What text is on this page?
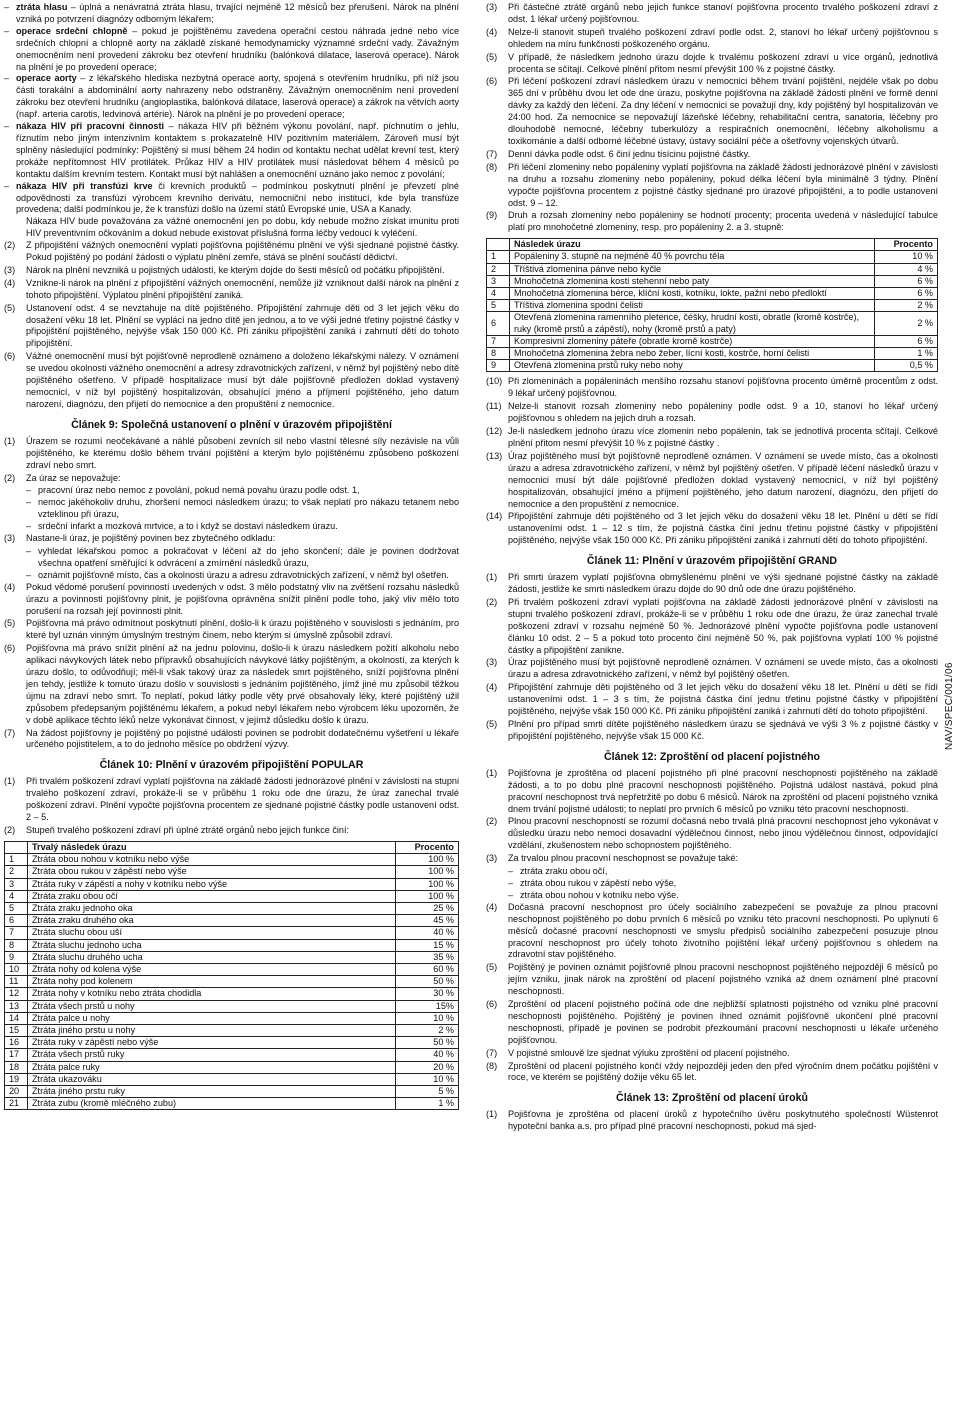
– ztráta hlasu – úplná a nenávratná ztráta hlasu, trvající nejméně 12 měsíců bez přerušení. Nárok na plnění vzniká po potvrzení diagnózy odborným lékařem;
– operace srdeční chlopně – pokud je pojištěnému zavedena operační cestou náhrada jedné nebo více srdečních chlopní a chlopně aorty na základě získané hemodynamicky významné srdeční vady. Závažným onemocněním není provedení zákroku bez otevření hrudníku (balónková dilatace, laserová operace). Nárok na plnění je po provedení operace;
– operace aorty – z lékařského hlediska nezbytná operace aorty, spojená s otevřením hrudníku, při níž jsou části torakální a abdominální aorty nahrazeny nebo odstraněny. Závažným onemocněním není provedení zákroku bez otevření hrudníku (angioplastika, balónková dilatace, laserová operace) a zákrok na větvích aorty (např. arteria carotis, ledvinová artérie). Nárok na plnění je po provedení operace;
– nákaza HIV při pracovní činnosti – nákaza HIV při běžném výkonu povolání, např. píchnutím o jehlu, říznutím nebo jiným intenzivním kontaktem s prokazatelně HIV pozitivním materiálem. Zároveň musí být splněny následující podmínky: Pojištěný si musí během 24 hodin od kontaktu nechat udělat krevní test, který prokáže nepřítomnost HIV protilátek. Průkaz HIV a HIV protilátek musí následovat během 4 měsíců po kontaktu dalším krevním testem. Kontakt musí být nahlášen a onemocnění uznáno jako nemoc z povolání;
– nákaza HIV při transfúzi krve či krevních produktů – podmínkou poskytnutí plnění je převzetí plné odpovědnosti za transfúzi výrobcem krevního derivátu, nemocniční nebo institucí, kde byla transfúze provedena; další podmínkou je, že k transfúzi došlo na území států Evropské unie, USA a Kanady.

Nákaza HIV bude považována za vážné onemocnění jen po dobu, kdy nebude možno získat imunitu proti HIV preventivním očkováním a dokud nebude existovat příslušná forma léčby vedoucí k vyléčení.

(2)	Z připojištění vážných onemocnění vyplatí pojišťovna pojištěnému plnění ve výši sjednané pojistné částky. Pokud pojištěný po podání žádosti o výplatu plnění zemře, stává se plnění součástí dědictví.
(3)	Nárok na plnění nevzniká u pojistných událostí, ke kterým dojde do šesti měsíců od počátku připojištění.
(4)	Vznikne-li nárok na plnění z připojištění vážných onemocnění, nemůže již vzniknout další nárok na plnění z tohoto připojištění. Výplatou plnění připojištění zaniká.
(5)	Ustanovení odst. 4 se nevztahuje na dítě pojištěného. Připojištění zahrnuje děti od 3 let jejich věku do dosažení věku 18 let. Plnění se vyplácí na jedno dítě jen jednou, a to ve výši jedné třetiny pojistné částky v připojištění pojištěného, nejvýše však 150 000 Kč. Při zániku připojištění zaniká i zahrnutí dětí do tohoto připojištění.
(6)	Vážné onemocnění musí být pojišťovně neprodleně oznámeno a doloženo lékařskými nálezy. V oznámení se uvedou okolnosti vážného onemocnění a adresy zdravotnických zařízení, v němž byl pojištěný nebo dítě pojištěného ošetřeno. V případě hospitalizace musí být dále pojišťovně předložen doklad vystavený nemocnicí, v níž byl pojištěný hospitalizován, obsahující jméno a příjmení pojištěného, jeho datum narození, diagnózu, den přijetí do nemocnice a den propuštění z nemocnice.
Článek 9: Společná ustanovení o plnění v úrazovém připojištění
(1)	Úrazem se rozumí neočekávané a náhlé působení zevních sil nebo vlastní tělesné síly nezávisle na vůli pojištěného, ke kterému došlo během trvání pojištění a kterým bylo pojištěnému způsobeno poškození zdraví nebo smrt.
(2)	Za úraz se nepovažuje:
– pracovní úraz nebo nemoc z povolání, pokud nemá povahu úrazu podle odst. 1,
– nemoc jakéhokoliv druhu, zhoršení nemoci následkem úrazu; to však neplatí pro nákazu tetanem nebo vzteklinou při úrazu,
– srdeční infarkt a mozková mrtvice, a to i když se dostaví následkem úrazu.
(3)	Nastane-li úraz, je pojištěný povinen bez zbytečného odkladu:
– vyhledat lékařskou pomoc a pokračovat v léčení až do jeho skončení; dále je povinen dodržovat všechna opatření směřující k odvrácení a zmírnění následků úrazu,
– oznámit pojišťovně místo, čas a okolnosti úrazu a adresu zdravotnických zařízení, v němž byl ošetřen.
(4)	Pokud vědomé porušení povinností uvedených v odst. 3 mělo podstatný vliv na zvětšení rozsahu následků úrazu a povinnosti pojišťovny plnit, je pojišťovna oprávněna snížit plnění podle toho, jaký vliv mělo toto porušení na rozsah její povinnosti plnit.
(5)	Pojišťovna má právo odmítnout poskytnutí plnění, došlo-li k úrazu pojištěného v souvislosti s jednáním, pro které byl uznán vinným úmyslným trestným činem, nebo kterým si úmyslně způsobil zdraví.
(6)	Pojišťovna má právo snížit plnění až na jednu polovinu, došlo-li k úrazu následkem požití alkoholu nebo aplikaci návykových látek nebo přípravků obsahujících návykové látky pojištěným, a okolností, za kterých k úrazu došlo, to odůvodňují; měl-li však takový úraz za následek smrt pojištěného, sníží pojišťovna plnění jen tehdy, jestliže k tomuto úrazu došlo v souvislosti s jednáním pojištěného, jímž jiné mu způsobil těžkou újmu na zdraví nebo smrt. To neplatí, pokud látky podle věty prvé obsahovaly léky, které pojištěný užil způsobem předepsaným pojištěnému lékařem, a pokud nebyl lékařem nebo výrobcem léku upozorněn, že v době aplikace těchto léků nelze vykonávat činnost, v jejímž důsledku došlo k úrazu.
(7)	Na žádost pojišťovny je pojištěný po pojistné události povinen se podrobit dodatečnému vyšetření u lékaře určeného pojistitelem, a to do jednoho měsíce po obdržení výzvy.
Článek 10: Plnění v úrazovém připojištění POPULAR
(1)	Při trvalém poškození zdraví vyplatí pojišťovna na základě žádosti jednorázové plnění v závislosti na stupni trvalého poškození zdraví, prokáže-li se v průběhu 1 roku ode dne úrazu, že úraz zanechal trvalé poškození zdraví. Plnění vypočte pojišťovna procentem ze sjednané pojistné částky podle ustanovení odst. 2 – 5.
(2)	Stupeň trvalého poškození zdraví při úplné ztrátě orgánů nebo jejich funkce činí:
	Trvalý následek úrazu	Procento
1	Ztráta obou nohou v kotníku nebo výše	100 %
2	Ztráta obou rukou v zápěstí nebo výše	100 %
3	Ztráta ruky v zápěstí a nohy v kotníku nebo výše	100 %
4	Ztráta zraku obou očí	100 %
5	Ztráta zraku jednoho oka	25 %
6	Ztráta zraku druhého oka	45 %
7	Ztráta sluchu obou uší	40 %
8	Ztráta sluchu jednoho ucha	15 %
9	Ztráta sluchu druhého ucha	35 %
10	Ztráta nohy od kolena výše	60 %
11	Ztráta nohy pod kolenem	50 %
12	Ztráta nohy v kotníku nebo ztráta chodidla	30 %
13	Ztráta všech prstů u nohy	15%
14	Ztráta palce u nohy	10 %
15	Ztráta jiného prstu u nohy	2 %
16	Ztráta ruky v zápěstí nebo výše	50 %
17	Ztráta všech prstů ruky	40 %
18	Ztráta palce ruky	20 %
19	Ztráta ukazováku	10 %
20	Ztráta jiného prstu ruky	5 %
21	Ztráta zubu (kromě mléčného zubu)	1 %
(3)	Při částečné ztrátě orgánů nebo jejich funkce stanoví pojišťovna procento trvalého poškození zdraví z odst. 1 lékař určený pojišťovnou.
(4)	Nelze-li stanovit stupeň trvalého poškození zdraví podle odst. 2, stanoví ho lékař určený pojišťovnou s ohledem na míru funkčnosti poškozeného orgánu.
(5)	V případě, že následkem jednoho úrazu dojde k trvalému poškození zdraví u více orgánů, jednotlivá procenta se sčítají. Celkové plnění přitom nesmí převýšit 100 % z pojistné částky.
(6)	Při léčení poškození zdraví následkem úrazu v nemocnici během trvání pojištění, nejdéle však po dobu 365 dní v průběhu dvou let ode dne úrazu, poskytne pojišťovna na základě žádosti plnění ve formě denní dávky za každý den léčení. Za dny léčení v nemocnici se považují dny, kdy pojištěný byl hospitalizován ve 24:00 hod. Za nemocnice se nepovažují lázeňské léčebny, rehabilitační centra, sanatoria, léčebny pro dlouhodobě nemocné, léčebny tuberkulózy a respiračních onemocnění, léčebny alkoholismu a toxikománie a další odborné léčebné ústavy, ústavy sociální péče a ošetřovny vojenských útvarů.
(7)	Denní dávka podle odst. 6 činí jednu tisícinu pojistné částky.
(8)	Při léčení zlomeniny nebo popáleniny vyplatí pojišťovna na základě žádosti jednorázové plnění v závislosti na druhu a rozsahu zlomeniny nebo popáleniny, pokud délka léčení byla minimálně 3 týdny. Plnění vypočte pojišťovna procentem z pojistné částky sjednané pro úrazové připojištění, a to podle ustanovení odst. 9 – 12.
(9)	Druh a rozsah zlomeniny nebo popáleniny se hodnotí procenty; procenta uvedená v následující tabulce platí pro mnohočetné zlomeniny, resp. pro popáleniny 2. a 3. stupně:
	Následek úrazu	Procento
1	Popáleniny 3. stupně na nejméně 40 % povrchu těla	10 %
2	Tříštivá zlomenina pánve nebo kyčle	4 %
3	Mnohočetná zlomenina kosti stehenní nebo paty	6 %
4	Mnohočetná zlomenina bérce, klíční kosti, kotníku, lokte, pažní nebo předloktí	6 %
5	Tříštivá zlomenina spodní čelisti	2 %
6	Otevřená zlomenina ramenního pletence, čéšky, hrudní kosti, obratle (kromě kostrče), ruky (kromě prstů a zápěstí), nohy (kromě prstů a paty)	2 %
7	Kompresivní zlomeniny páteře (obratle kromě kostrče)	6 %
8	Mnohočetná zlomenina žebra nebo žeber, lícní kosti, kostrče, horní čelisti	1 %
9	Otevřená zlomenina prstů ruky nebo nohy	0,5 %
(10) Při zlomeninách a popáleninách menšího rozsahu stanoví pojišťovna procento úměrně procentům z odst. 9 lékař určený pojišťovnou.
(11) Nelze-li stanovit rozsah zlomeniny nebo popáleniny podle odst. 9 a 10, stanoví ho lékař určený pojišťovnou s ohledem na jejich druh a rozsah.
(12) Je-li následkem jednoho úrazu více zlomenin nebo popálenin, tak se jednotlivá procenta sčítají. Celkové plnění přitom nesmí převýšit 10 % z pojistné částky .
(13) Úraz pojištěného musí být pojišťovně neprodleně oznámen. V oznámení se uvede místo, čas a okolnosti úrazu a adresa zdravotnického zařízení, v němž byl pojištěný ošetřen. V případě léčení následků úrazu v nemocnici musí být dále pojišťovně předložen doklad vystavený nemocnicí, v níž byl pojištěný hospitalizován, obsahující jméno a příjmení pojištěného, jeho datum narození, diagnózu, den přijetí do nemocnice a den propuštění z nemocnice.
(14) Připojištění zahrnuje děti pojištěného od 3 let jejich věku do dosažení věku 18 let. Plnění u dětí se řídí ustanoveními odst. 1 – 12 s tím, že pojistná částka činí jednu třetinu pojistné částky v připojištění pojištěného, nejvýše však 150 000 Kč. Při zániku připojištění zaniká i zahrnutí dětí do tohoto připojištění.
Článek 11: Plnění v úrazovém připojištění GRAND
(1)	Při smrti úrazem vyplatí pojišťovna obmyšlenému plnění ve výši sjednané pojistné částky na základě žádosti, jestliže ke smrti následkem úrazu dojde do 90 dnů ode dne úrazu pojištěného.
(2)	Při trvalém poškození zdraví vyplatí pojišťovna na základě žádosti jednorázové plnění v závislosti na stupni trvalého poškození zdraví, prokáže-li se v průběhu 1 roku ode dne úrazu, že úraz zanechal trvalé poškození zdraví v rozsahu nejméně 50 %. Jednorázové plnění vypočte pojišťovna podle ustanovení článku 10 odst. 2 – 5 a pokud toto procento činí nejméně 50 %, pak pojišťovna vyplatí 100 % pojistné částky a připojištění zanikne.
(3)	Úraz pojištěného musí být pojišťovně neprodleně oznámen. V oznámení se uvede místo, čas a okolnosti úrazu a adresa zdravotnického zařízení, v němž byl pojištěný ošetřen.
(4)	Připojištění zahrnuje děti pojištěného od 3 let jejich věku do dosažení věku 18 let. Plnění u dětí se řídí ustanoveními odst. 1 – 3 s tím, že pojistná částka činí jednu třetinu pojistné částky v připojištění pojištěného, nejvýše však 150 000 Kč. Při zániku připojištění zaniká i zahrnutí dětí do tohoto připojištění.
(5)	Plnění pro případ smrti dítěte pojištěného následkem úrazu se sjednává ve výši 3 % z pojistné částky v připojištění pojištěného, nejvýše však 15 000 Kč.
Článek 12: Zproštění od placení pojistného
(1)	Pojišťovna je zproštěna od placení pojistného při plné pracovní neschopnosti pojištěného na základě žádosti, a to po dobu plné pracovní neschopnosti pojištěného. Pojistná událost nastává, pokud plná pracovní neschopnost trvá nepřetržitě po dobu 6 měsíců. Nárok na zproštění od placení pojistného vzniká dnem trvání pojistné události; to neplatí pro prvních 6 měsíců po vzniku této pracovní neschopnosti.
(2)	Plnou pracovní neschopností se rozumí dočasná nebo trvalá plná pracovní neschopnost jeho vykonávat v důsledku úrazu nebo nemoci dosavadní výdělečnou činnost, nebo jinou výdělečnou činnost, odpovídající vzdělání, zkušenostem nebo schopnostem pojištěného.
(3)	Za trvalou plnou pracovní neschopnost se považuje také:
– ztráta zraku obou očí,
– ztráta obou rukou v zápěstí nebo výše,
– ztráta obou nohou v kotníku nebo výše.
(4)	Dočasná pracovní neschopnost pro účely sociálního zabezpečení se považuje za plnou pracovní neschopnost pojištěného po dobu prvních 6 měsíců po vzniku této pracovní neschopnosti. Po uplynutí 6 měsíců dočasné pracovní neschopnosti ve smyslu předpisů sociálního zabezpečení posuzuje plnou pracovní neschopnost pro účely tohoto životního pojištění lékař určený pojišťovnou s ohledem na zdravotní stav pojištěného.
(5)	Pojištěný je povinen oznámit pojišťovně plnou pracovní neschopnost pojištěného nejpozději 6 měsíců po jejím vzniku, jinak nárok na zproštění od placení pojistného vzniká až dnem oznámení plné pracovní neschopnosti.
(6)	Zproštění od placení pojistného počíná ode dne nejbližší splatnosti pojistného od vzniku plné pracovní neschopnosti pojištěného. Pojištěný je povinen ihned oznámit pojišťovně ukončení plné pracovní neschopnosti, případě je povinen se podrobit přezkoumání pracovní neschopnosti u lékaře určeného pojišťovnou.
(7)	V pojistné smlouvě lze sjednat výluku zproštění od placení pojistného.
(8)	Zproštění od placení pojistného končí vždy nejpozději jeden den před výročním dnem počátku pojištění v roce, ve kterém se pojištěný dožije věku 65 let.
Článek 13: Zproštění od placení úroků
(1)	Pojišťovna je zproštěna od placení úroků z hypotečního úvěru poskytnutého společností Wüstenrot hypoteční banka a.s. pro případ plné pracovní neschopnosti, pokud má sjed-
NAV/SPEC/001/06
